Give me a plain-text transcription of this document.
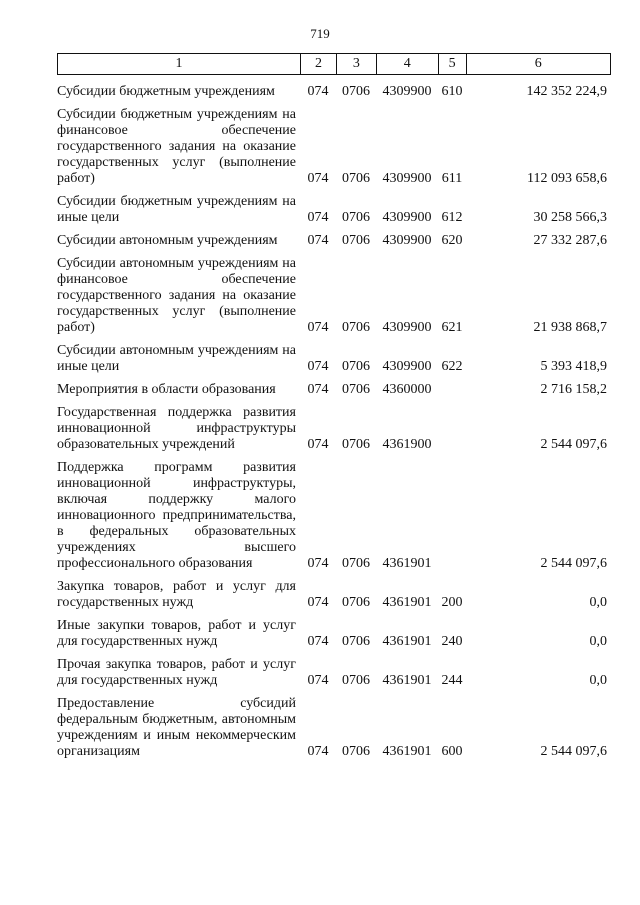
719
1	2	3	4	5	6
Субсидии бюджетным учреждениям	074 0706 4309900 610	142 352 224,9
Субсидии бюджетным учреждениям на финансовое обеспечение государственного задания на оказание государственных услуг (выполнение работ)	074 0706 4309900 611	112 093 658,6
Субсидии бюджетным учреждениям на иные цели	074 0706 4309900 612	30 258 566,3
Субсидии автономным учреждениям	074 0706 4309900 620	27 332 287,6
Субсидии автономным учреждениям на финансовое обеспечение государственного задания на оказание государственных услуг (выполнение работ)	074 0706 4309900 621	21 938 868,7
Субсидии автономным учреждениям на иные цели	074 0706 4309900 622	5 393 418,9
Мероприятия в области образования	074 0706 4360000	2 716 158,2
Государственная поддержка развития инновационной инфраструктуры образовательных учреждений	074 0706 4361900	2 544 097,6
Поддержка программ развития инновационной инфраструктуры, включая поддержку малого инновационного предпринимательства, в федеральных образовательных учреждениях высшего профессионального образования	074 0706 4361901	2 544 097,6
Закупка товаров, работ и услуг для государственных нужд	074 0706 4361901 200	0,0
Иные закупки товаров, работ и услуг для государственных нужд	074 0706 4361901 240	0,0
Прочая закупка товаров, работ и услуг для государственных нужд	074 0706 4361901 244	0,0
Предоставление субсидий федеральным бюджетным, автономным учреждениям и иным некоммерческим организациям	074 0706 4361901 600	2 544 097,6
